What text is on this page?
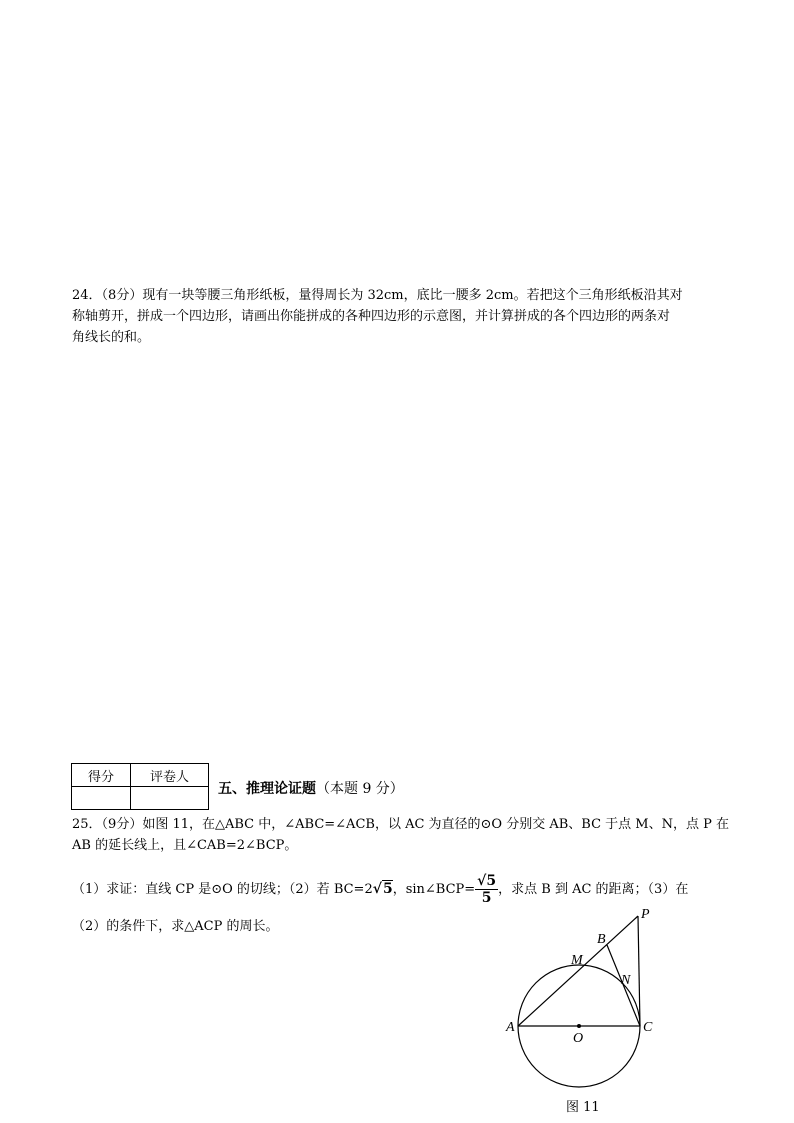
24．（8分）现有一块等腰三角形纸板，量得周长为 32cm，底比一腰多 2cm。若把这个三角形纸板沿其对
称轴剪开，拼成一个四边形，请画出你能拼成的各种四边形的示意图，并计算拼成的各个四边形的两条对
角线长的和。
得分	评卷人

五、推理论证题（本题 9 分）
25．（9分）如图 11，在△ABC 中，∠ABC=∠ACB，以 AC 为直径的⊙O 分别交 AB、BC 于点 M、N，点 P 在
AB 的延长线上，且∠CAB=2∠BCP。
（1）求证：直线 CP 是⊙O 的切线；（2）若 BC=2√5，sin∠BCP= $\frac{√5}{5}$ ，求点 B 到 AC 的距离；（3）在
（2）的条件下，求△ACP 的周长。
A
B
C
M
N
O
P
图 11
